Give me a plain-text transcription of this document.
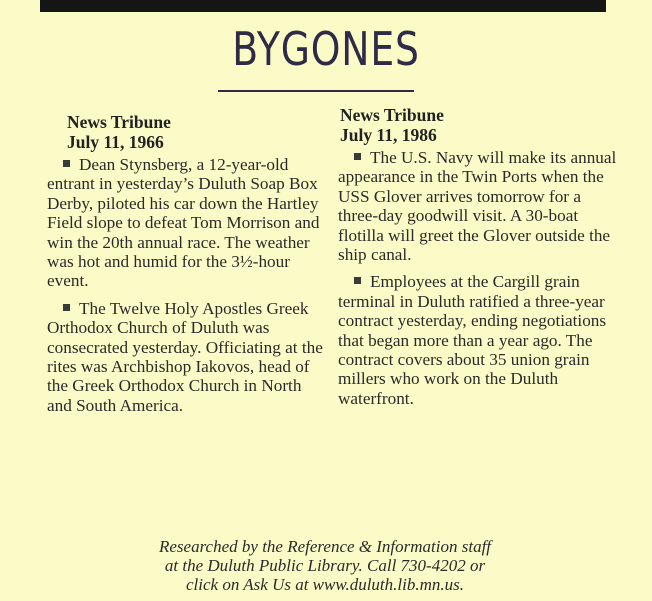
BYGONES
News Tribune
July 11, 1966

Dean Stynsberg, a 12-year-old entrant in yesterday’s Duluth Soap Box Derby, piloted his car down the Hartley Field slope to defeat Tom Morrison and win the 20th annual race. The weather was hot and humid for the 3½-hour event.

The Twelve Holy Apostles Greek Orthodox Church of Duluth was consecrated yesterday. Officiating at the rites was Archbishop Iakovos, head of the Greek Orthodox Church in North and South America.

News Tribune
July 11, 1986

The U.S. Navy will make its annual appearance in the Twin Ports when the USS Glover arrives tomorrow for a three-day goodwill visit. A 30-boat flotilla will greet the Glover outside the ship canal.

Employees at the Cargill grain terminal in Duluth ratified a three-year contract yesterday, ending negotiations that began more than a year ago. The contract covers about 35 union grain millers who work on the Duluth waterfront.

Researched by the Reference & Information staff
at the Duluth Public Library. Call 730-4202 or
click on Ask Us at www.duluth.lib.mn.us.
